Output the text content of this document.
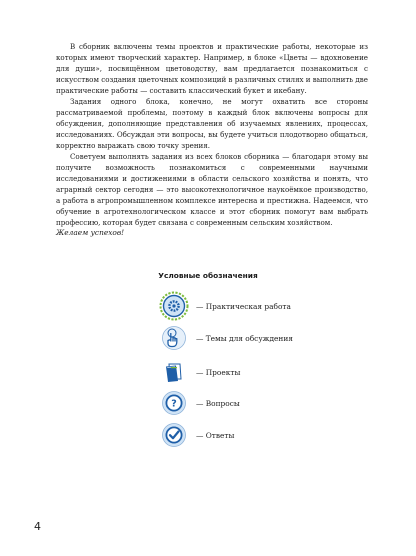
В сборник включены темы проектов и практические работы, некоторые из которых имеют творческий характер. Например, в блоке «Цветы — вдохновение для души», посвящённом цветоводству, вам предлагается познакомиться с искусством создания цветочных композиций в различных стилях и выполнить две практические работы — составить классический букет и икебану.

Задания одного блока, конечно, не могут охватить все стороны рассматриваемой проблемы, поэтому в каждый блок включены вопросы для обсуждения, дополняющие представления об изучаемых явлениях, процессах, исследованиях. Обсуждая эти вопросы, вы будете учиться плодотворно общаться, корректно выражать свою точку зрения.

Советуем выполнять задания из всех блоков сборника — благодаря этому вы получите возможность познакомиться с современными научными исследованиями и достижениями в области сельского хозяйства и понять, что аграрный сектор сегодня — это высокотехнологичное наукоёмкое производство, а работа в агропромышленном комплексе интересна и престижна. Надеемся, что обучение в агротехнологическом классе и этот сборник помогут вам выбрать профессию, которая будет связана с современным сельским хозяйством.

Желаем успехов!
Условные обозначения
— Практическая работа
— Темы для обсуждения
— Проекты
?	— Вопросы
— Ответы
4
